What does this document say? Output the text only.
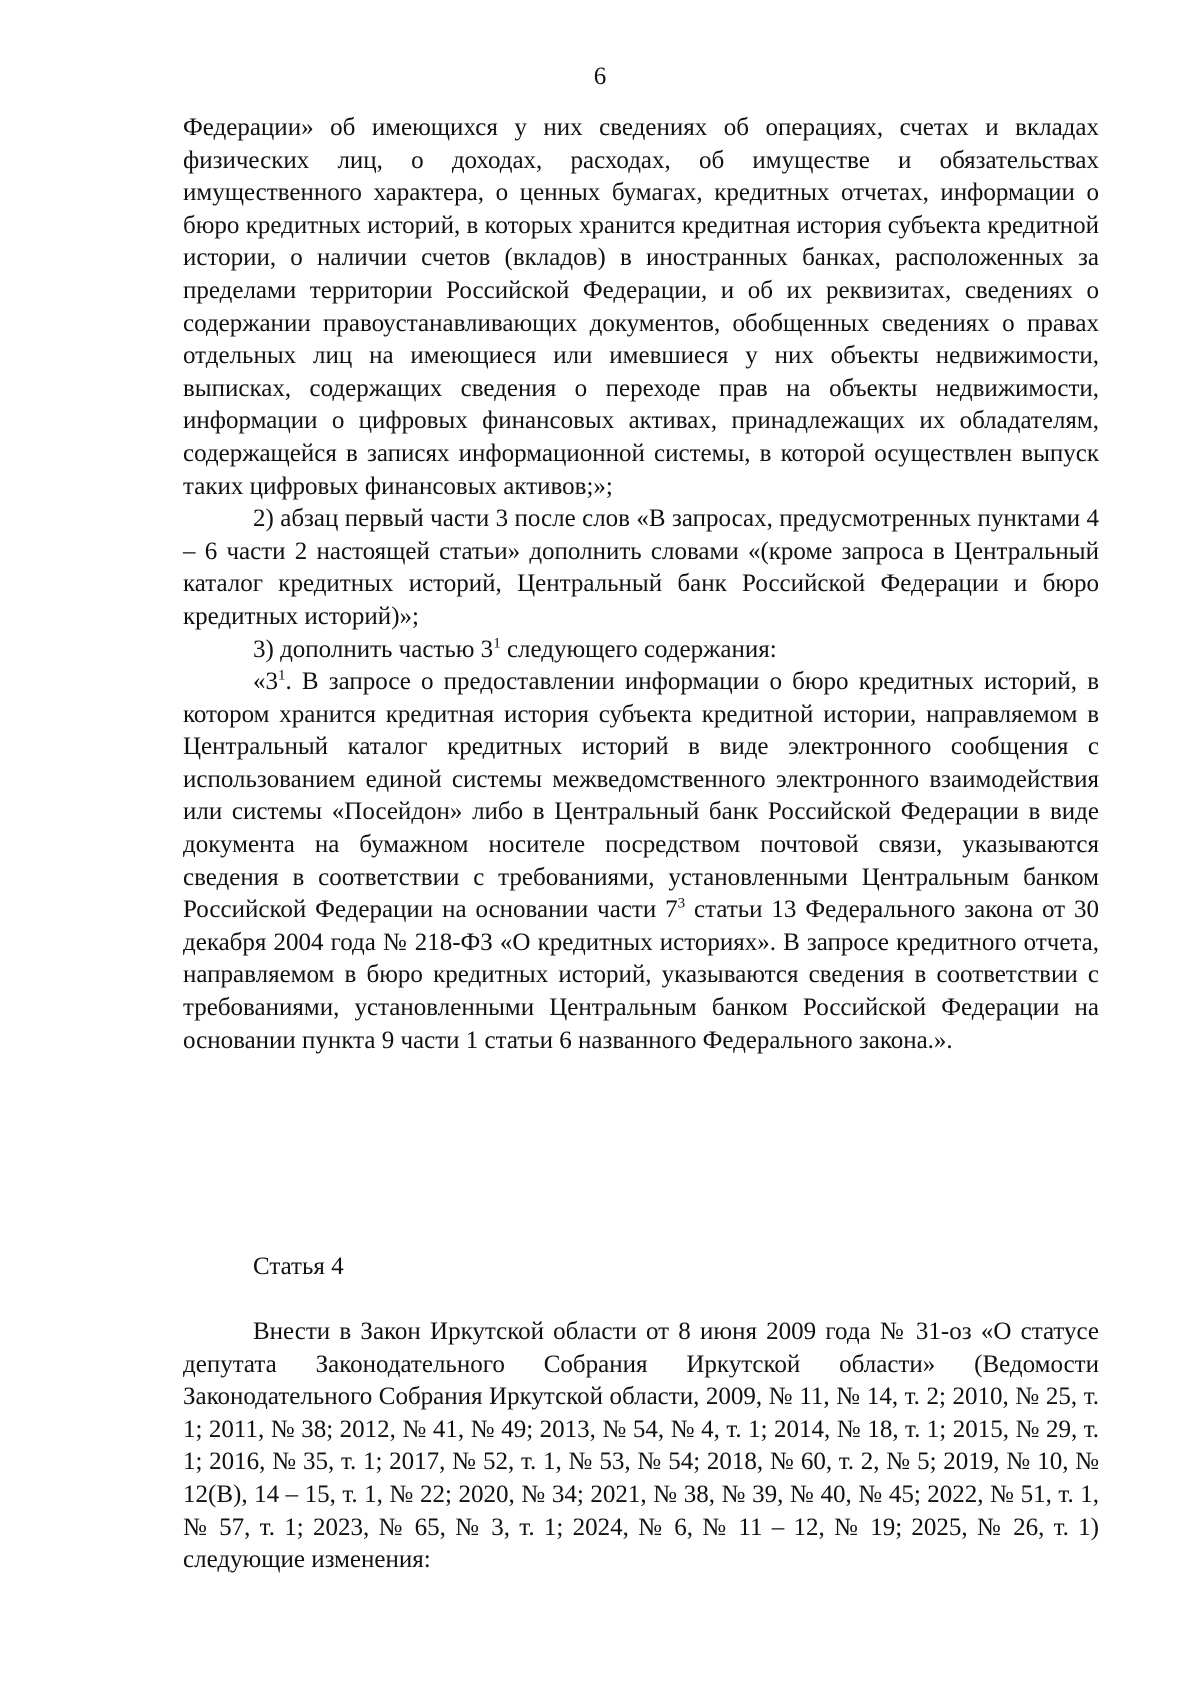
6

Федерации» об имеющихся у них сведениях об операциях, счетах и вкладах физических лиц, о доходах, расходах, об имуществе и обязательствах имущественного характера, о ценных бумагах, кредитных отчетах, информации о бюро кредитных историй, в которых хранится кредитная история субъекта кредитной истории, о наличии счетов (вкладов) в иностранных банках, расположенных за пределами территории Российской Федерации, и об их реквизитах, сведениях о содержании правоустанавливающих документов, обобщенных сведениях о правах отдельных лиц на имеющиеся или имевшиеся у них объекты недвижимости, выписках, содержащих сведения о переходе прав на объекты недвижимости, информации о цифровых финансовых активах, принадлежащих их обладателям, содержащейся в записях информационной системы, в которой осуществлен выпуск таких цифровых финансовых активов;»;

2) абзац первый части 3 после слов «В запросах, предусмотренных пунктами 4 – 6 части 2 настоящей статьи» дополнить словами «(кроме запроса в Центральный каталог кредитных историй, Центральный банк Российской Федерации и бюро кредитных историй)»;

3) дополнить частью $3^1$ следующего содержания:

«$3^1$. В запросе о предоставлении информации о бюро кредитных историй, в котором хранится кредитная история субъекта кредитной истории, направляемом в Центральный каталог кредитных историй в виде электронного сообщения с использованием единой системы межведомственного электронного взаимодействия или системы «Посейдон» либо в Центральный банк Российской Федерации в виде документа на бумажном носителе посредством почтовой связи, указываются сведения в соответствии с требованиями, установленными Центральным банком Российской Федерации на основании части $7^3$ статьи 13 Федерального закона от 30 декабря 2004 года № 218-ФЗ «О кредитных историях». В запросе кредитного отчета, направляемом в бюро кредитных историй, указываются сведения в соответствии с требованиями, установленными Центральным банком Российской Федерации на основании пункта 9 части 1 статьи 6 названного Федерального закона.».

Статья 4

Внести в Закон Иркутской области от 8 июня 2009 года № 31-оз «О статусе депутата Законодательного Собрания Иркутской области» (Ведомости Законодательного Собрания Иркутской области, 2009, № 11, № 14, т. 2; 2010, № 25, т. 1; 2011, № 38; 2012, № 41, № 49; 2013, № 54, № 4, т. 1; 2014, № 18, т. 1; 2015, № 29, т. 1; 2016, № 35, т. 1; 2017, № 52, т. 1, № 53, № 54; 2018, № 60, т. 2, № 5; 2019, № 10, № 12(В), 14 – 15, т. 1, № 22; 2020, № 34; 2021, № 38, № 39, № 40, № 45; 2022, № 51, т. 1, № 57, т. 1; 2023, № 65, № 3, т. 1; 2024, № 6, № 11 – 12, № 19; 2025, № 26, т. 1) следующие изменения:
